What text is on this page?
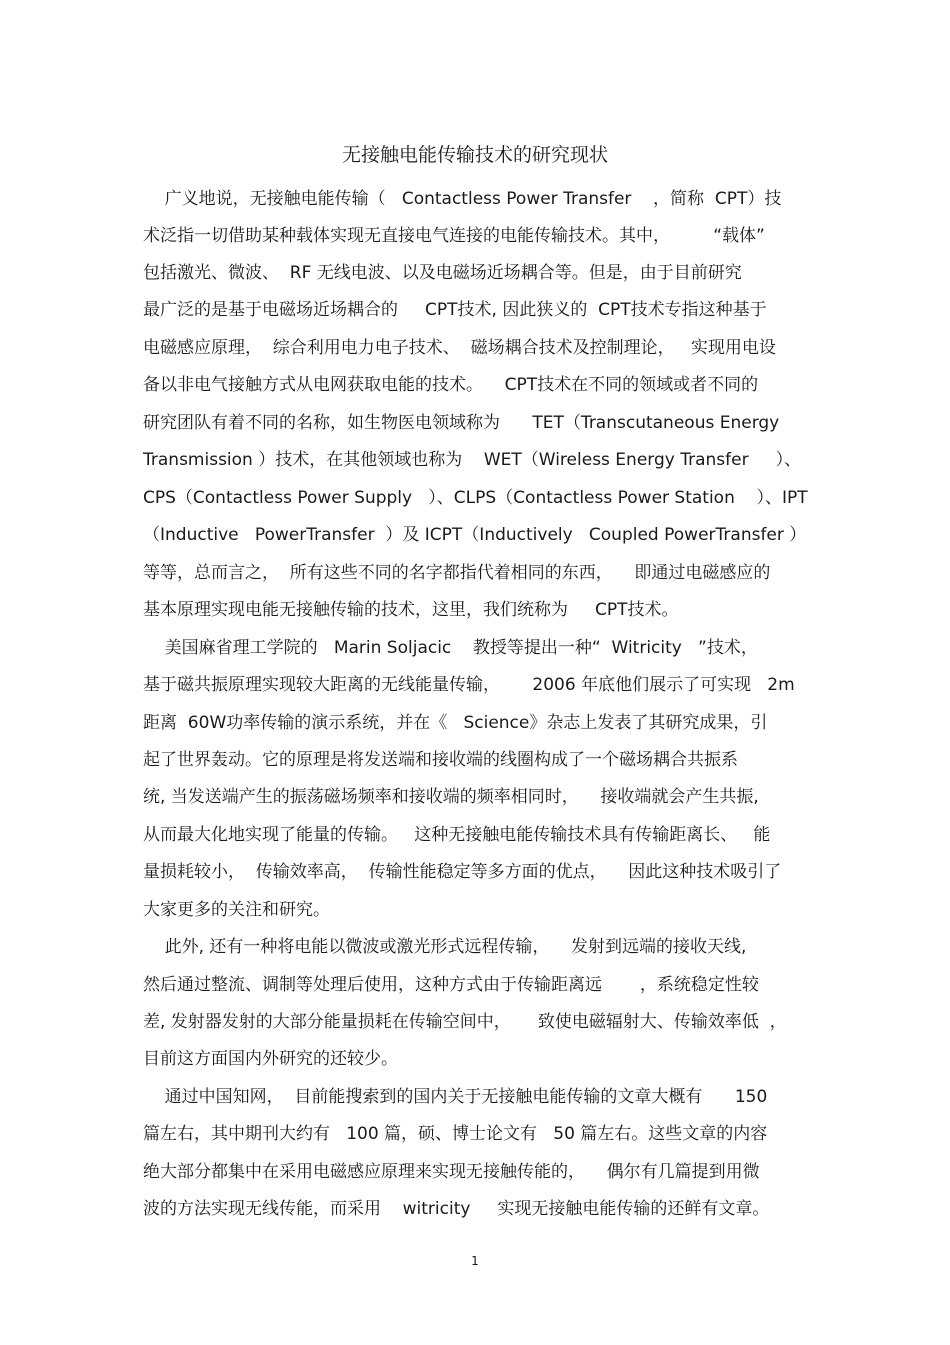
无接触电能传输技术的研究现状
广义地说，无接触电能传输（   Contactless Power Transfer    ，简称  CPT）技
术泛指一切借助某种载体实现无直接电气连接的电能传输技术。其中，        “载体”
包括激光、微波、  RF 无线电波、以及电磁场近场耦合等。但是，由于目前研究
最广泛的是基于电磁场近场耦合的     CPT技术, 因此狭义的  CPT技术专指这种基于
电磁感应原理，  综合利用电力电子技术、  磁场耦合技术及控制理论，   实现用电设
备以非电气接触方式从电网获取电能的技术。    CPT技术在不同的领域或者不同的
研究团队有着不同的名称，如生物医电领域称为      TET（Transcutaneous Energy
Transmission ）技术，在其他领域也称为    WET（Wireless Energy Transfer     ）、
CPS（Contactless Power Supply   ）、CLPS（Contactless Power Station    ）、IPT
（Inductive   PowerTransfer  ）及 ICPT（Inductively   Coupled PowerTransfer ）
等等，总而言之，  所有这些不同的名字都指代着相同的东西，    即通过电磁感应的
基本原理实现电能无接触传输的技术，这里，我们统称为     CPT技术。
美国麻省理工学院的   Marin Soljacic    教授等提出一种“  Witricity   ”技术，
基于磁共振原理实现较大距离的无线能量传输，      2006 年底他们展示了可实现   2m
距离  60W功率传输的演示系统，并在《   Science》杂志上发表了其研究成果，引
起了世界轰动。它的原理是将发送端和接收端的线圈构成了一个磁场耦合共振系
统, 当发送端产生的振荡磁场频率和接收端的频率相同时，    接收端就会产生共振,
从而最大化地实现了能量的传输。   这种无接触电能传输技术具有传输距离长、   能
量损耗较小，  传输效率高，  传输性能稳定等多方面的优点，    因此这种技术吸引了
大家更多的关注和研究。
此外, 还有一种将电能以微波或激光形式远程传输，    发射到远端的接收天线,
然后通过整流、调制等处理后使用，这种方式由于传输距离远       ，系统稳定性较
差, 发射器发射的大部分能量损耗在传输空间中，     致使电磁辐射大、传输效率低  ，
目前这方面国内外研究的还较少。
通过中国知网，  目前能搜索到的国内关于无接触电能传输的文章大概有      150
篇左右，其中期刊大约有   100 篇，硕、博士论文有   50 篇左右。这些文章的内容
绝大部分都集中在采用电磁感应原理来实现无接触传能的，    偶尔有几篇提到用微
波的方法实现无线传能，而采用    witricity     实现无接触电能传输的还鲜有文章。
1
